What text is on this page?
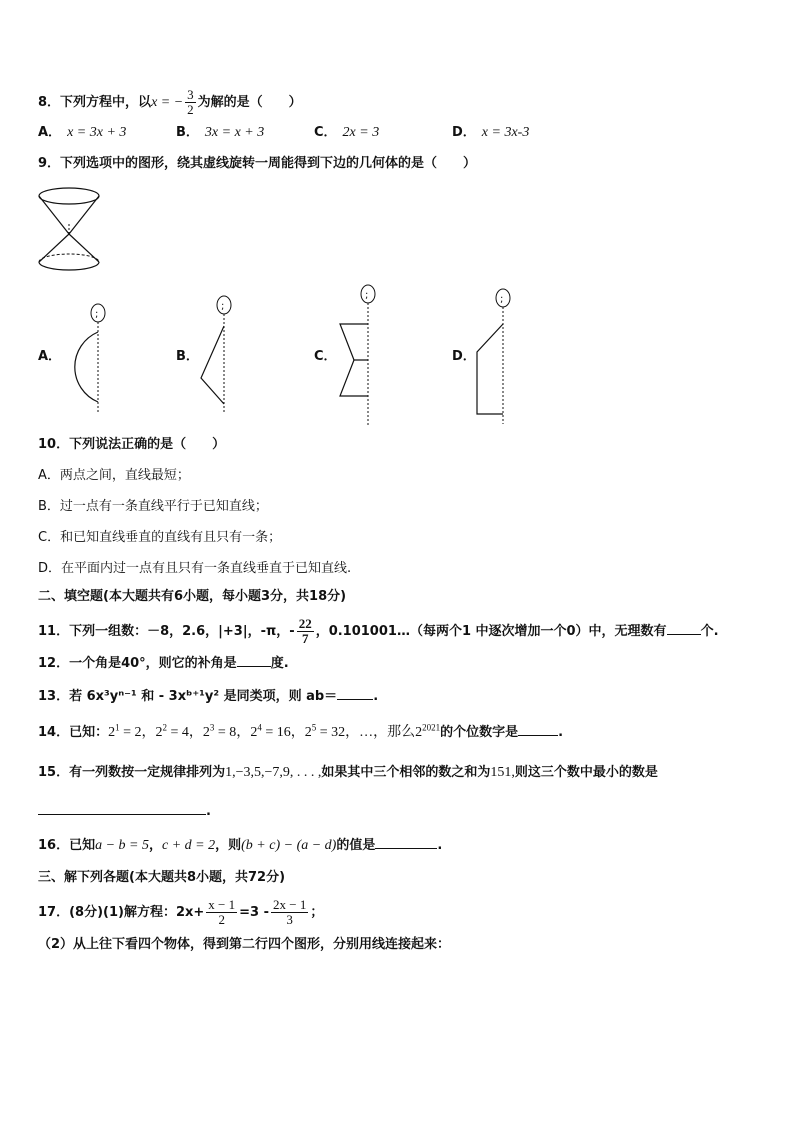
8．下列方程中，以x = − $\frac{3}{2}$ 为解的是（　　）
A． x = 3x + 3	B． 3x = x + 3	C． 2x = 3	D． x = 3x-3
9．下列选项中的图形，绕其虚线旋转一周能得到下边的几何体的是（　　）
A．
;
B．
;
C．
;
D．
;
10．下列说法正确的是（　　）
A．两点之间，直线最短；
B．过一点有一条直线平行于已知直线；
C．和已知直线垂直的直线有且只有一条；
D．在平面内过一点有且只有一条直线垂直于已知直线.
二、填空题(本大题共有6小题，每小题3分，共18分)
11．下列一组数：－8，2.6，|+3|，-π，- $\frac{22}{7}$ ，0.101001…（每两个1 中逐次增加一个0）中，无理数有	个.
12．一个角是40°，则它的补角是	度.
13．若 6x³yⁿ⁻¹ 和 - 3xᵇ⁺¹y² 是同类项，则 ab＝	.
14．已知：$2^1 = 2$，$2^2 = 4$，$2^3 = 8$，$2^4 = 16$，$2^5 = 32$，…，那么$2^{2021}$的个位数字是	.
15．有一列数按一定规律排列为1,−3,5,−7,9, . . . ,如果其中三个相邻的数之和为151,则这三个数中最小的数是
.
16．已知a − b = 5，c + d = 2，则(b + c) − (a − d)的值是	.
三、解下列各题(本大题共8小题，共72分)
17．(8分)(1)解方程：$2x+ \frac{x - 1}{2} =3 - \frac{2x - 1}{3}$ ；
（2）从上往下看四个物体，得到第二行四个图形，分别用线连接起来：
